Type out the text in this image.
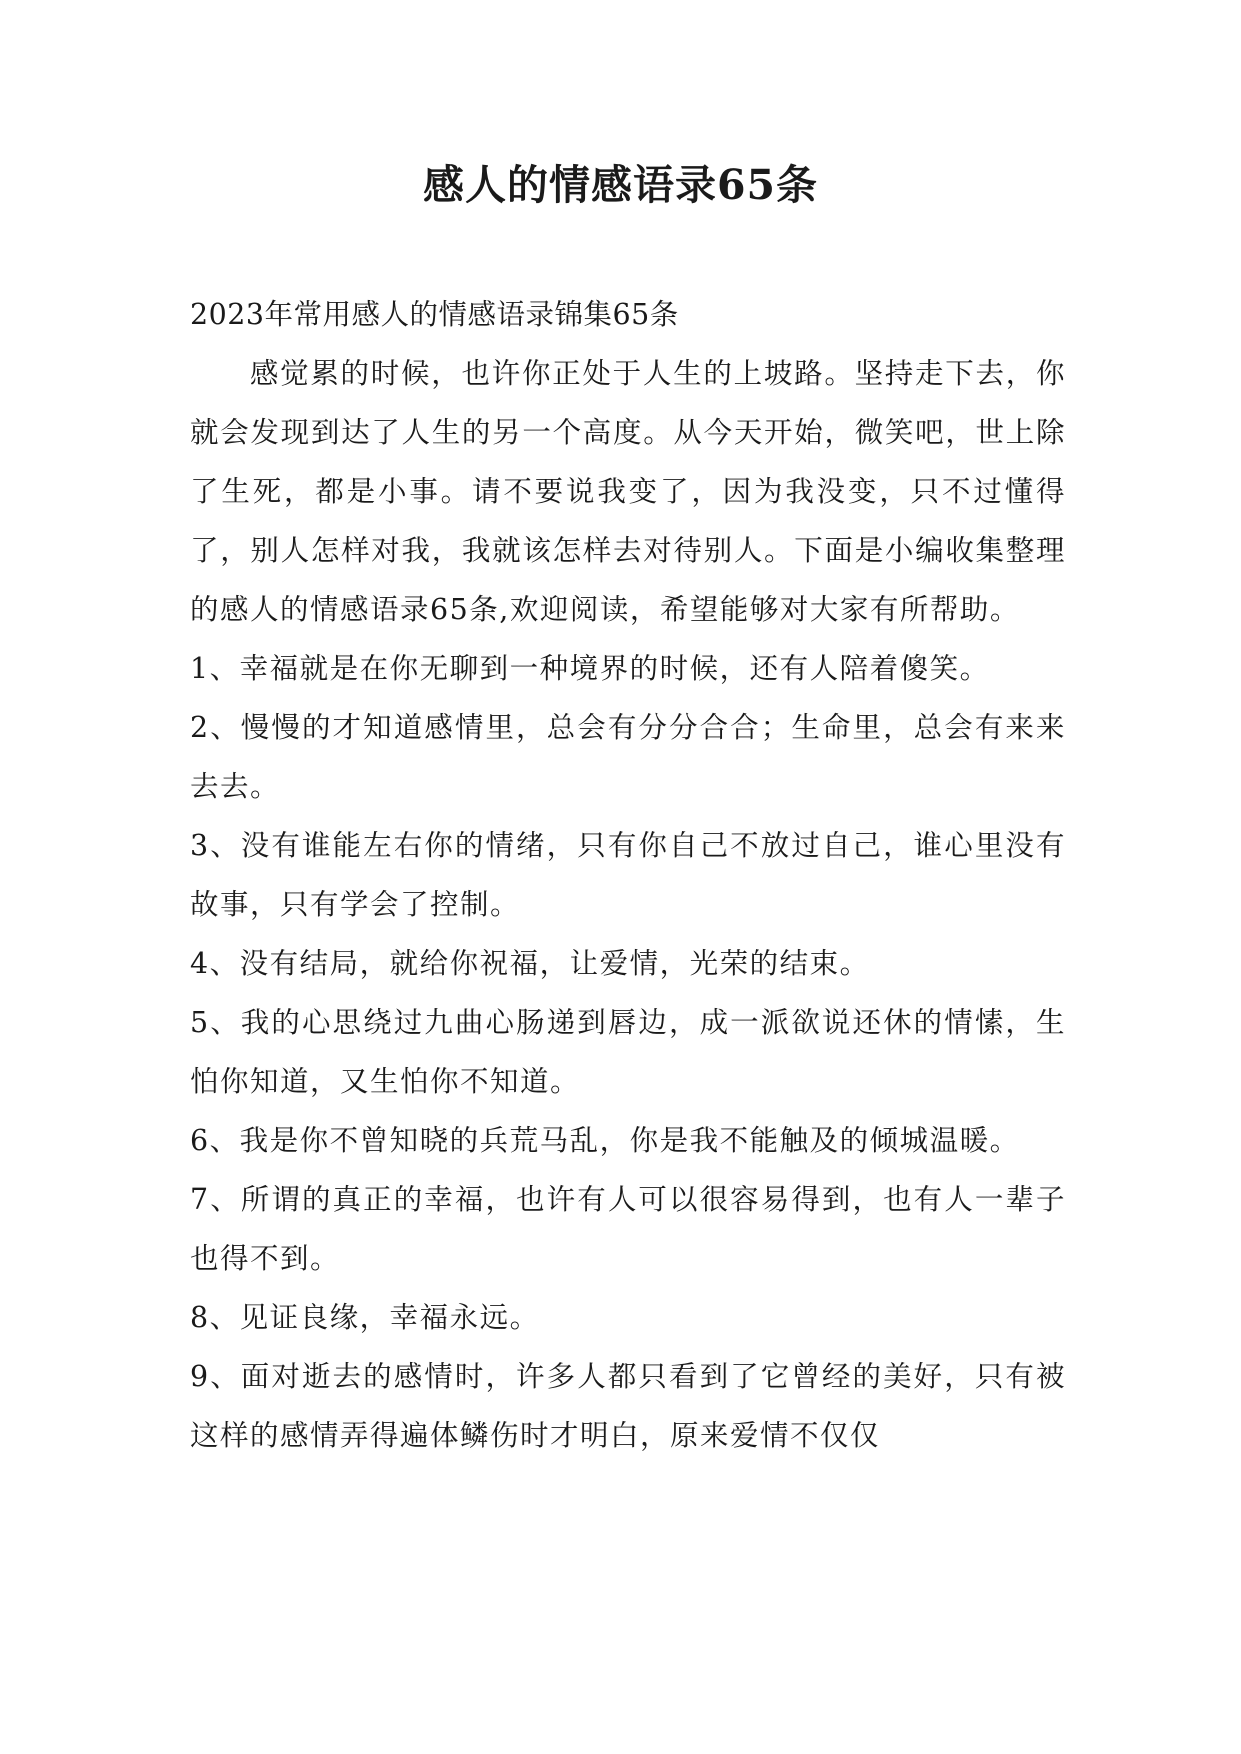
感人的情感语录65条

2023年常用感人的情感语录锦集65条

感觉累的时候，也许你正处于人生的上坡路。坚持走下去，你就会发现到达了人生的另一个高度。从今天开始，微笑吧，世上除了生死，都是小事。请不要说我变了，因为我没变，只不过懂得了，别人怎样对我，我就该怎样去对待别人。下面是小编收集整理的感人的情感语录65条,欢迎阅读，希望能够对大家有所帮助。

1、幸福就是在你无聊到一种境界的时候，还有人陪着傻笑。

2、慢慢的才知道感情里，总会有分分合合；生命里，总会有来来去去。

3、没有谁能左右你的情绪，只有你自己不放过自己，谁心里没有故事，只有学会了控制。

4、没有结局，就给你祝福，让爱情，光荣的结束。

5、我的心思绕过九曲心肠递到唇边，成一派欲说还休的情愫，生怕你知道，又生怕你不知道。

6、我是你不曾知晓的兵荒马乱，你是我不能触及的倾城温暖。

7、所谓的真正的幸福，也许有人可以很容易得到，也有人一辈子也得不到。

8、见证良缘，幸福永远。

9、面对逝去的感情时，许多人都只看到了它曾经的美好，只有被这样的感情弄得遍体鳞伤时才明白，原来爱情不仅仅
